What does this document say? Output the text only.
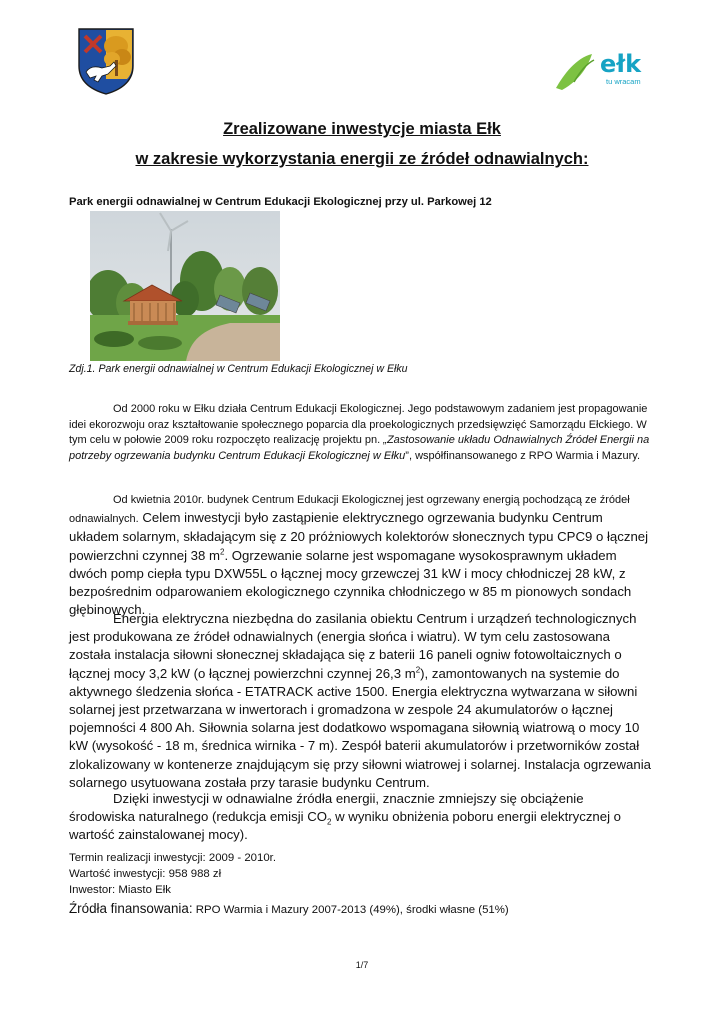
ełk
tu wracam
Zrealizowane inwestycje miasta Ełk
w zakresie wykorzystania energii ze źródeł odnawialnych:
Park energii odnawialnej w Centrum Edukacji Ekologicznej przy ul. Parkowej 12
Zdj.1. Park energii odnawialnej w Centrum Edukacji Ekologicznej w Ełku
Od 2000 roku w Ełku działa Centrum Edukacji Ekologicznej. Jego podstawowym zadaniem jest propagowanie idei ekorozwoju oraz kształtowanie społecznego poparcia dla proekologicznych przedsięwzięć Samorządu Ełckiego. W tym celu w połowie 2009 roku rozpoczęto realizację projektu pn. „Zastosowanie układu Odnawialnych Źródeł Energii na potrzeby ogrzewania budynku Centrum Edukacji Ekologicznej w Ełku”, współfinansowanego z RPO Warmia i Mazury.
Od kwietnia 2010r. budynek Centrum Edukacji Ekologicznej jest ogrzewany energią pochodzącą ze źródeł odnawialnych. Celem inwestycji było zastąpienie elektrycznego ogrzewania budynku Centrum układem solarnym, składającym się z 20 próżniowych kolektorów słonecznych typu CPC9 o łącznej powierzchni czynnej 38 $m^2$. Ogrzewanie solarne jest wspomagane wysokosprawnym układem dwóch pomp ciepła typu DXW55L o łącznej mocy grzewczej 31 kW i mocy chłodniczej 28 kW, z bezpośrednim odparowaniem ekologicznego czynnika chłodniczego w 85 m pionowych sondach głębinowych.
Energia elektryczna niezbędna do zasilania obiektu Centrum i urządzeń technologicznych jest produkowana ze źródeł odnawialnych (energia słońca i wiatru). W tym celu zastosowana została instalacja siłowni słonecznej składająca się z baterii 16 paneli ogniw fotowoltaicznych o łącznej mocy 3,2 kW (o łącznej powierzchni czynnej 26,3 $m^2$), zamontowanych na systemie do aktywnego śledzenia słońca - ETATRACK active 1500. Energia elektryczna wytwarzana w siłowni solarnej jest przetwarzana w inwertorach i gromadzona w zespole 24 akumulatorów o łącznej pojemności 4 800 Ah. Siłownia solarna jest dodatkowo wspomagana siłownią wiatrową o mocy 10 kW (wysokość - 18 m, średnica wirnika - 7 m). Zespół baterii akumulatorów i przetworników został zlokalizowany w kontenerze znajdującym się przy siłowni wiatrowej i solarnej. Instalacja ogrzewania solarnego usytuowana została przy tarasie budynku Centrum.
Dzięki inwestycji w odnawialne źródła energii, znacznie zmniejszy się obciążenie środowiska naturalnego (redukcja emisji $CO_2$ w wyniku obniżenia poboru energii elektrycznej o wartość zainstalowanej mocy).
Termin realizacji inwestycji: 2009 - 2010r.
Wartość inwestycji: 958 988 zł
Inwestor: Miasto Ełk
Źródła finansowania: RPO Warmia i Mazury 2007-2013 (49%), środki własne (51%)
1/7
